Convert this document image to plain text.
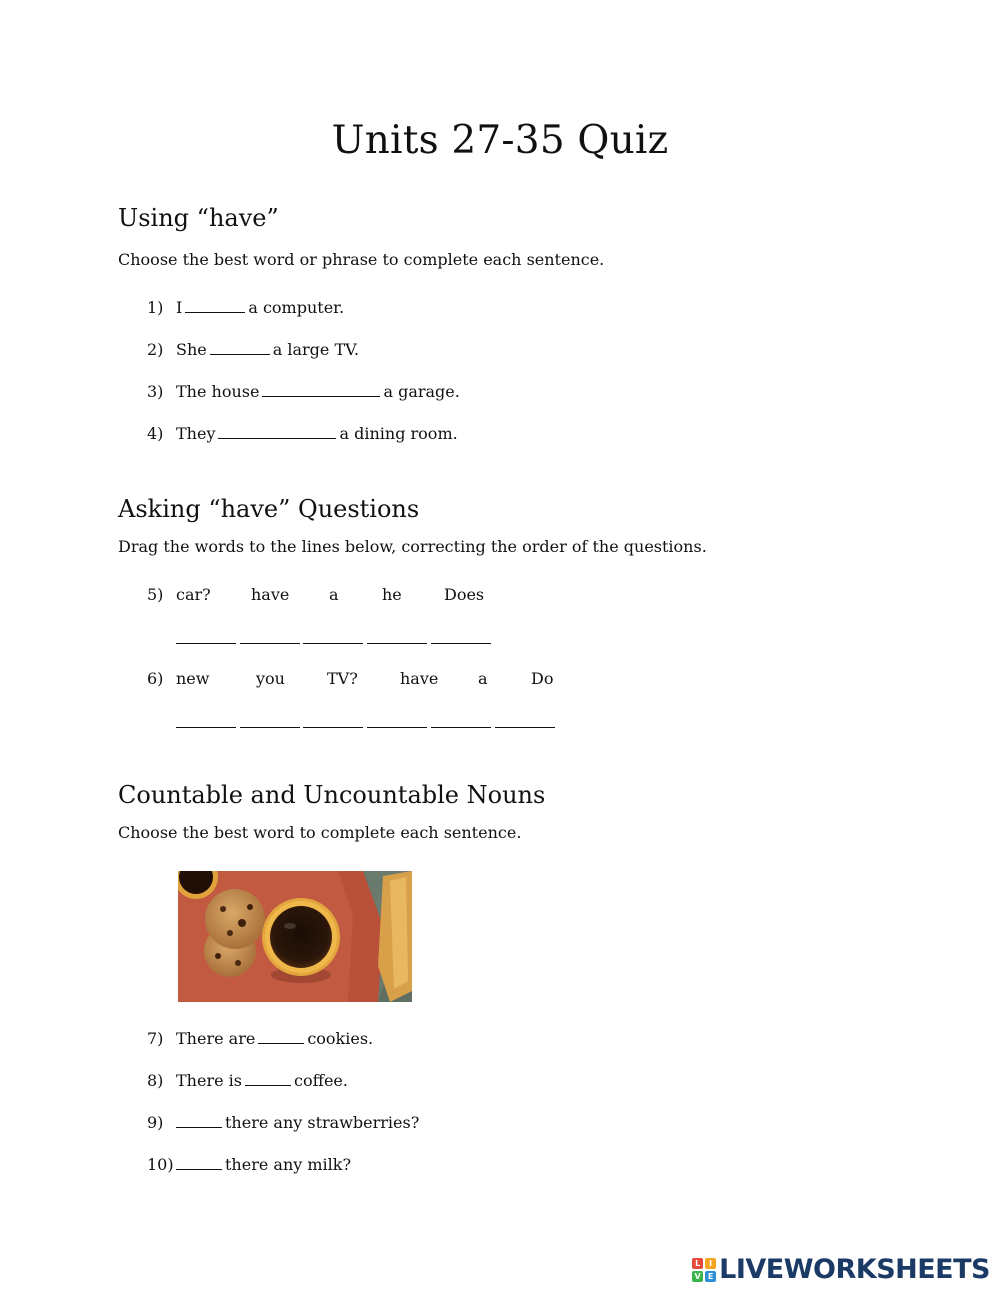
Units 27-35 Quiz
Using “have”
Choose the best word or phrase to complete each sentence.
1) I	a computer.
2) She	a large TV.
3) The house	a garage.
4) They	a dining room.
Asking “have” Questions
Drag the words to the lines below, correcting the order of the questions.
5) car?	have a	he	Does
6) new	you	TV?	have a	Do
Countable and Uncountable Nouns
Choose the best word to complete each sentence.
7) There are	cookies.
8) There is	coffee.
9)	there any strawberries?
10)	there any milk?
L	I
V E LIVEWORKSHEETS
